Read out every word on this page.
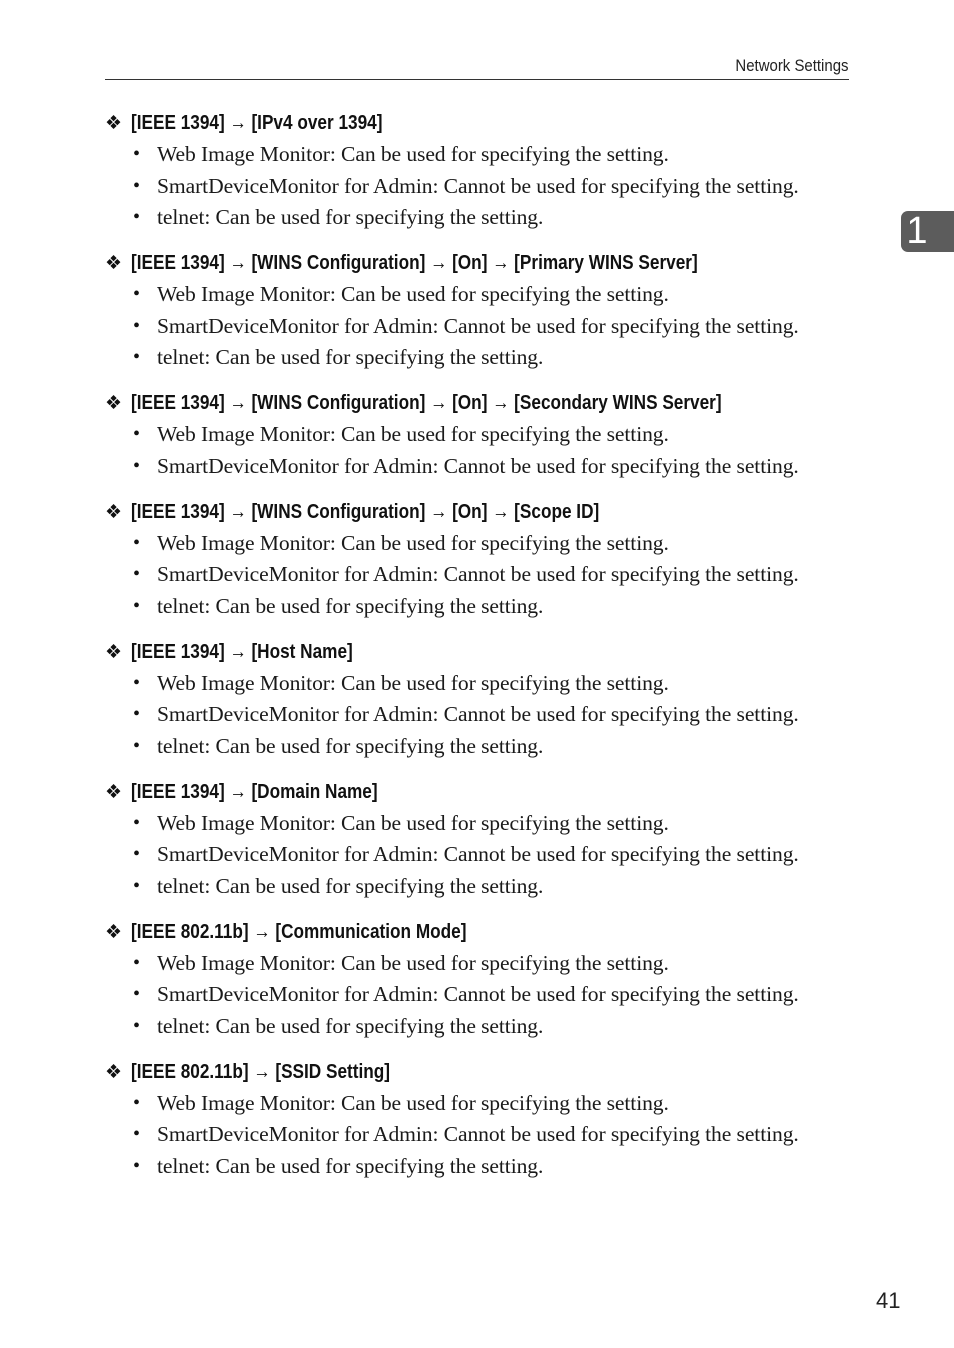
Network Settings
1
❖ [IEEE 1394] → [IPv4 over 1394]
• Web Image Monitor: Can be used for specifying the setting.
• SmartDeviceMonitor for Admin: Cannot be used for specifying the setting.
• telnet: Can be used for specifying the setting.
❖ [IEEE 1394] → [WINS Configuration] → [On] → [Primary WINS Server]
• Web Image Monitor: Can be used for specifying the setting.
• SmartDeviceMonitor for Admin: Cannot be used for specifying the setting.
• telnet: Can be used for specifying the setting.
❖ [IEEE 1394] → [WINS Configuration] → [On] → [Secondary WINS Server]
• Web Image Monitor: Can be used for specifying the setting.
• SmartDeviceMonitor for Admin: Cannot be used for specifying the setting.
❖ [IEEE 1394] → [WINS Configuration] → [On] → [Scope ID]
• Web Image Monitor: Can be used for specifying the setting.
• SmartDeviceMonitor for Admin: Cannot be used for specifying the setting.
• telnet: Can be used for specifying the setting.
❖ [IEEE 1394] → [Host Name]
• Web Image Monitor: Can be used for specifying the setting.
• SmartDeviceMonitor for Admin: Cannot be used for specifying the setting.
• telnet: Can be used for specifying the setting.
❖ [IEEE 1394] → [Domain Name]
• Web Image Monitor: Can be used for specifying the setting.
• SmartDeviceMonitor for Admin: Cannot be used for specifying the setting.
• telnet: Can be used for specifying the setting.
❖ [IEEE 802.11b] → [Communication Mode]
• Web Image Monitor: Can be used for specifying the setting.
• SmartDeviceMonitor for Admin: Cannot be used for specifying the setting.
• telnet: Can be used for specifying the setting.
❖ [IEEE 802.11b] → [SSID Setting]
• Web Image Monitor: Can be used for specifying the setting.
• SmartDeviceMonitor for Admin: Cannot be used for specifying the setting.
• telnet: Can be used for specifying the setting.
41
